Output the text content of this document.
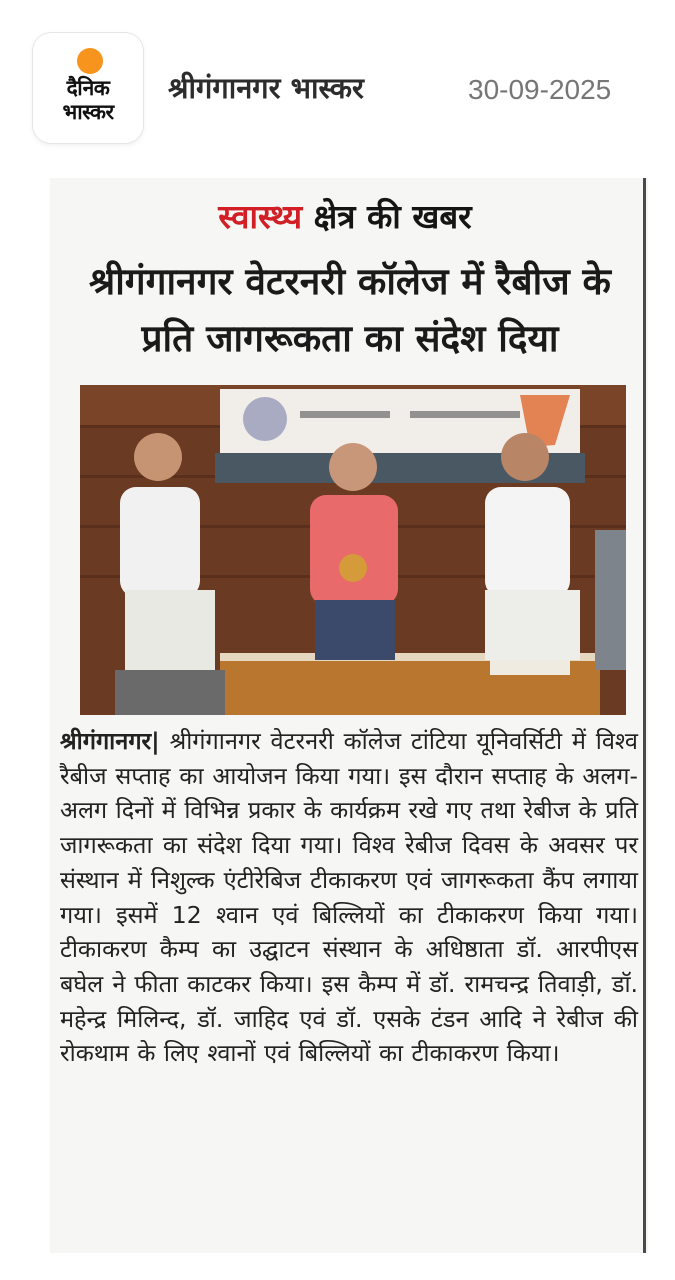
दैनिक
भास्कर
श्रीगंगानगर भास्कर	30-09-2025
स्वास्थ्य क्षेत्र की खबर
श्रीगंगानगर वेटरनरी कॉलेज में रैबीज के प्रति जागरूकता का संदेश दिया
श्रीगंगानगर| श्रीगंगानगर वेटरनरी कॉलेज टांटिया यूनिवर्सिटी में विश्व रैबीज सप्ताह का आयोजन किया गया। इस दौरान सप्ताह के अलग-अलग दिनों में विभिन्न प्रकार के कार्यक्रम रखे गए तथा रेबीज के प्रति जागरूकता का संदेश दिया गया। विश्व रेबीज दिवस के अवसर पर संस्थान में निशुल्क एंटीरेबिज टीकाकरण एवं जागरूकता कैंप लगाया गया। इसमें 12 श्वान एवं बिल्लियों का टीकाकरण किया गया। टीकाकरण कैम्प का उद्घाटन संस्थान के अधिष्ठाता डॉ. आरपीएस बघेल ने फीता काटकर किया। इस कैम्प में डॉ. रामचन्द्र तिवाड़ी, डॉ. महेन्द्र मिलिन्द, डॉ. जाहिद एवं डॉ. एसके टंडन आदि ने रेबीज की रोकथाम के लिए श्वानों एवं बिल्लियों का टीकाकरण किया।
